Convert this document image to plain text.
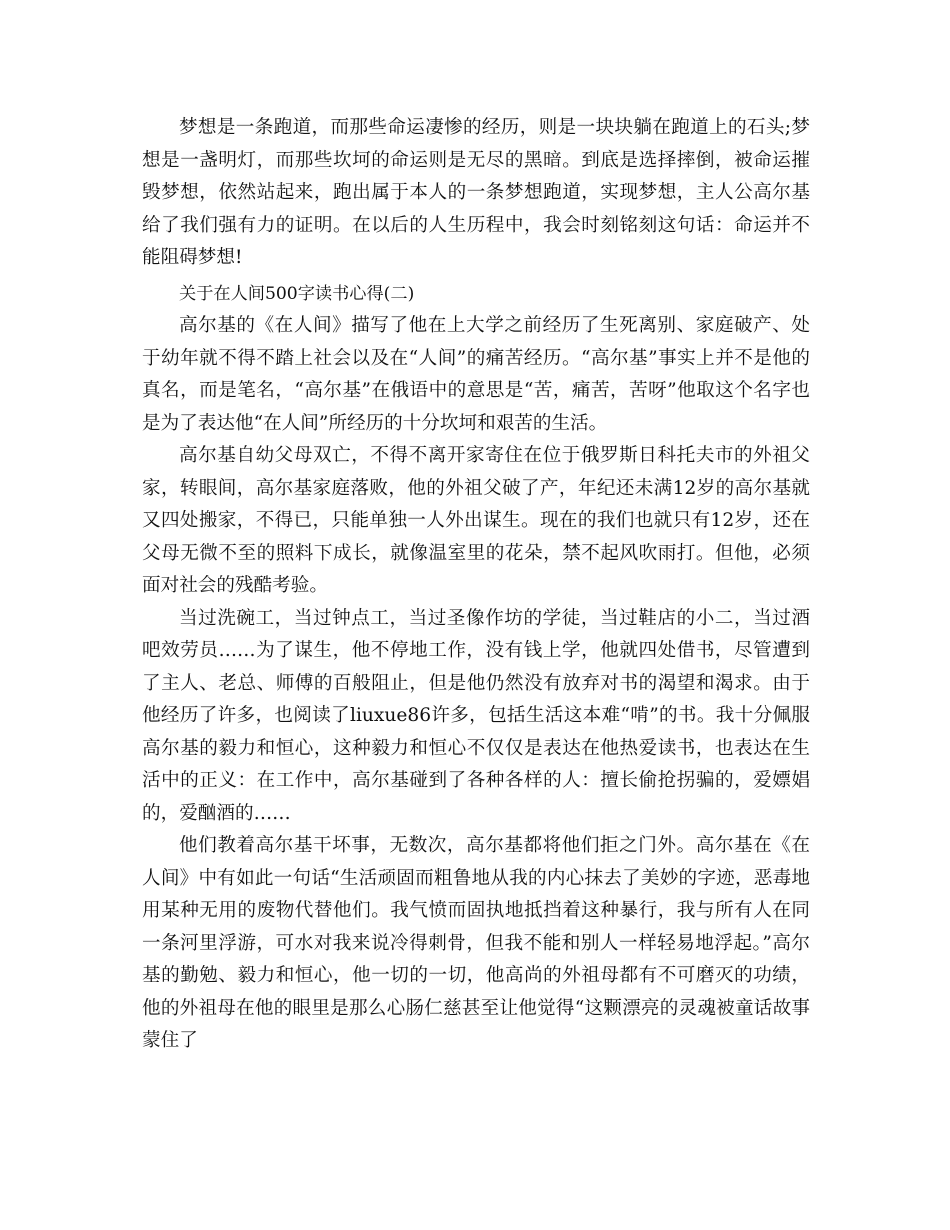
梦想是一条跑道，而那些命运凄惨的经历，则是一块块躺在跑道上的石头;梦想是一盏明灯，而那些坎坷的命运则是无尽的黑暗。到底是选择摔倒，被命运摧毁梦想，依然站起来，跑出属于本人的一条梦想跑道，实现梦想，主人公高尔基给了我们强有力的证明。在以后的人生历程中，我会时刻铭刻这句话：命运并不能阻碍梦想!

关于在人间500字读书心得(二)

高尔基的《在人间》描写了他在上大学之前经历了生死离别、家庭破产、处于幼年就不得不踏上社会以及在“人间”的痛苦经历。“高尔基”事实上并不是他的真名，而是笔名，“高尔基”在俄语中的意思是“苦，痛苦，苦呀”他取这个名字也是为了表达他“在人间”所经历的十分坎坷和艰苦的生活。

高尔基自幼父母双亡，不得不离开家寄住在位于俄罗斯日科托夫市的外祖父家，转眼间，高尔基家庭落败，他的外祖父破了产，年纪还未满12岁的高尔基就又四处搬家，不得已，只能单独一人外出谋生。现在的我们也就只有12岁，还在父母无微不至的照料下成长，就像温室里的花朵，禁不起风吹雨打。但他，必须面对社会的残酷考验。

当过洗碗工，当过钟点工，当过圣像作坊的学徒，当过鞋店的小二，当过酒吧效劳员……为了谋生，他不停地工作，没有钱上学，他就四处借书，尽管遭到了主人、老总、师傅的百般阻止，但是他仍然没有放弃对书的渴望和渴求。由于他经历了许多，也阅读了liuxue86许多，包括生活这本难“啃”的书。我十分佩服高尔基的毅力和恒心，这种毅力和恒心不仅仅是表达在他热爱读书，也表达在生活中的正义：在工作中，高尔基碰到了各种各样的人：擅长偷抢拐骗的，爱嫖娼的，爱酗酒的……

他们教着高尔基干坏事，无数次，高尔基都将他们拒之门外。高尔基在《在人间》中有如此一句话“生活顽固而粗鲁地从我的内心抹去了美妙的字迹，恶毒地用某种无用的废物代替他们。我气愤而固执地抵挡着这种暴行，我与所有人在同一条河里浮游，可水对我来说冷得刺骨，但我不能和别人一样轻易地浮起。”高尔基的勤勉、毅力和恒心，他一切的一切，他高尚的外祖母都有不可磨灭的功绩，他的外祖母在他的眼里是那么心肠仁慈甚至让他觉得“这颗漂亮的灵魂被童话故事蒙住了
